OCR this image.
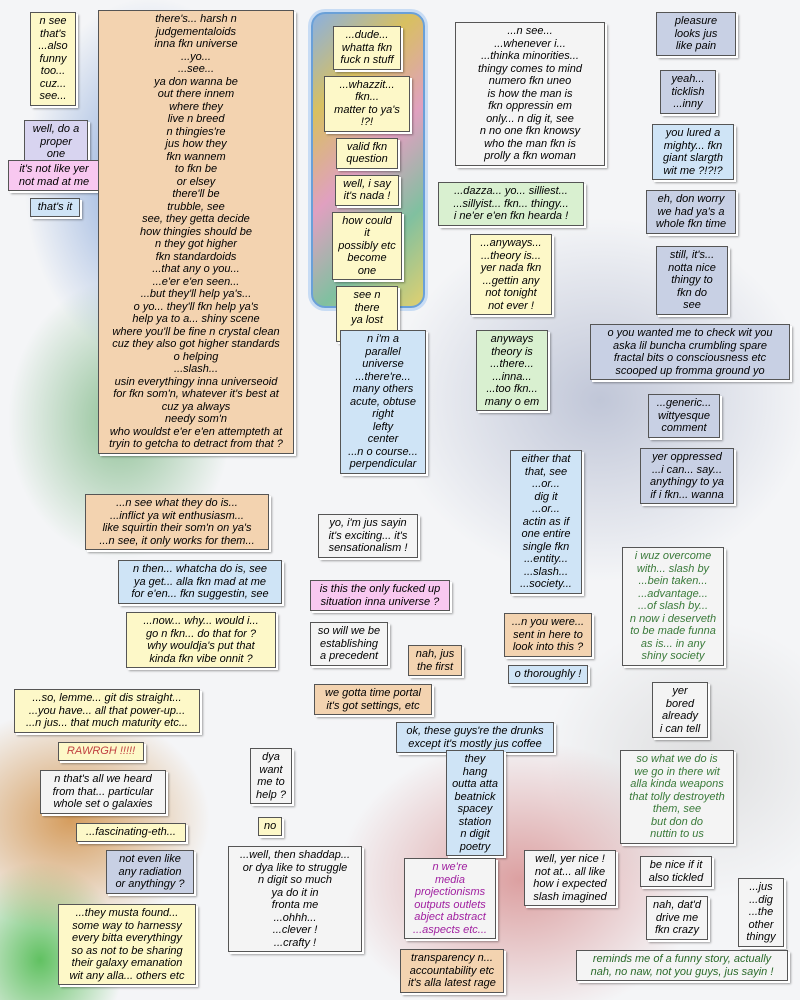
n see
that's
...also
funny
too...
cuz...
see...
well, do a
proper one
it's not like yer
not mad at me
that's it
there's... harsh n
judgementaloids
inna fkn universe
...yo...
...see...
ya don wanna be
out there innem
where they
live n breed
n thingies're
jus how they
fkn wannem
to fkn be
or elsey
there'll be
trubble, see
see, they getta decide
how thingies should be
n they got higher
fkn standardoids
...that any o you...
...e'er e'en seen...
...but they'll help ya's...
o yo... they'll fkn help ya's
help ya to a... shiny scene
where you'll be fine n crystal clean
cuz they also got higher standards
o helping
...slash...
usin everythingy inna universeoid
for fkn som'n, whatever it's best at
cuz ya always
needy som'n
who wouldst e'er e'en attempteth at
tryin to getcha to detract from that ?
...n see what they do is...
...inflict ya wit enthusiasm...
like squirtin their som'n on ya's
...n see, it only works for them...
n then... whatcha do is, see
ya get... alla fkn mad at me
for e'en... fkn suggestin, see
...now... why... would i...
go n fkn... do that for ?
why wouldja's put that
kinda fkn vibe onnit ?
...so, lemme... git dis straight...
...you have... all that power-up...
...n jus... that much maturity etc...
RAWRGH !!!!!
n that's all we heard
from that... particular
whole set o galaxies
...fascinating-eth...
not even like
any radiation
or anythingy ?
...they musta found...
some way to harnessy
every bitta everythingy
so as not to be sharing
their galaxy emanation
wit any alla... others etc
...dude...
whatta fkn
fuck n stuff
...whazzit... fkn...
matter to ya's !?!
valid fkn
question
well, i say
it's nada !
how could it
possibly etc
become one
see n there
ya lost
n i'm a
parallel
universe
...there're...
many others
acute, obtuse
right
lefty
center
...n o course...
perpendicular
yo, i'm jus sayin
it's exciting... it's
sensationalism !
is this the only fucked up
situation inna universe ?
so will we be
establishing
a precedent	nah, jus
the first
we gotta time portal
it's got settings, etc
dya
want
me to
help ?
no
...well, then shaddap...
or dya like to struggle
n digit so much
ya do it in
fronta me
...ohhh...
...clever !
...crafty !
...n see...
...whenever i...
...thinka minorities...
thingy comes to mind
numero fkn uneo
is how the man is
fkn oppressin em
only... n dig it, see
n no one fkn knowsy
who the man fkn is
prolly a fkn woman
...dazza... yo... silliest...
...sillyist... fkn... thingy...
i ne'er e'en fkn hearda !
...anyways...
...theory is...
yer nada fkn
...gettin any
not tonight
not ever !
anyways
theory is
...there...
...inna...
...too fkn...
many o em
either that
that, see
...or...
dig it
...or...
actin as if
one entire
single fkn
...entity...
...slash...
...society...
...n you were...
sent in here to
look into this ?
o thoroughly !
ok, these guys're the drunks
except it's mostly jus coffee
they hang
outta atta
beatnick
spacey
station
n digit
poetry
n we're
media
projectionisms
outputs outlets
abject abstract
...aspects etc...
transparency n...
accountability etc
it's alla latest rage
well, yer nice !
not at... all like
how i expected
slash imagined
pleasure
looks jus
like pain
yeah...
ticklish
...inny
you lured a
mighty... fkn
giant slargth
wit me ?!?!?
eh, don worry
we had ya's a
whole fkn time
still, it's...
notta nice
thingy to
fkn do
see
o you wanted me to check wit you
aska lil buncha crumbling spare
fractal bits o consciousness etc
scooped up fromma ground yo
...generic...
wittyesque
comment
yer oppressed
...i can... say...
anythingy to ya
if i fkn... wanna
i wuz overcome
with... slash by
...bein taken...
...advantage...
...of slash by...
n now i deserveth
to be made funna
as is... in any
shiny society
yer
bored
already
i can tell
so what we do is
we go in there wit
alla kinda weapons
that tolly destroyeth
them, see
but don do
nuttin to us
be nice if it
also tickled
nah, dat'd
drive me
fkn crazy
...jus
...dig
...the
other
thingy
reminds me of a funny story, actually
nah, no naw, not you guys, jus sayin !
